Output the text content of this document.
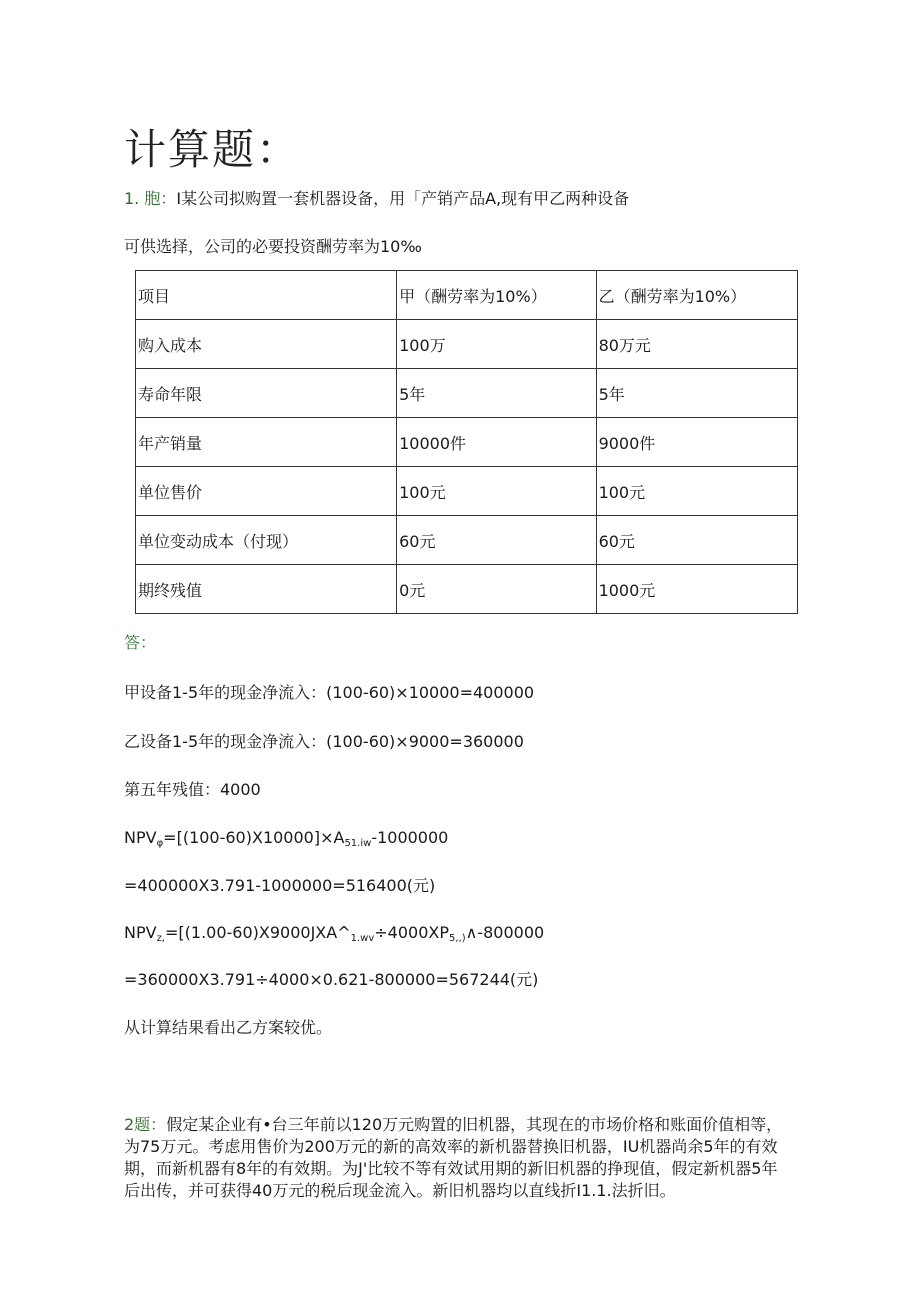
计算题：
1. 胞：I某公司拟购置一套机器设备，用「产销产品A,现有甲乙两种设备
可供选择，公司的必要投资酬劳率为10‰
项目	甲（酬劳率为10%）	乙（酬劳率为10%）
购入成本	100万	80万元
寿命年限	5年	5年
年产销量	10000件	9000件
单位售价	100元	100元
单位变动成本（付现）	60元	60元
期终残值	0元	1000元
答：
甲设备1-5年的现金净流入：(100-60)×10000=400000
乙设备1-5年的现金净流入：(100-60)×9000=360000
第五年残值：4000
$NPV_\varphi=[(100-60)X10000]\times A_{51.iw}-1000000$
=400000X3.791-1000000=516400(元)
$NPV_{z,}=[(1.00-60)X9000JXA\^{}_{1.wv}\div 4000XP_{5,,)}\wedge-800000$
=360000X3.791÷4000×0.621-800000=567244(元)
从计算结果看出乙方案较优。
2题：假定某企业有•台三年前以120万元购置的旧机器，其现在的市场价格和账面价值相等，为75万元。考虑用售价为200万元的新的高效率的新机器替换旧机器，IU机器尚余5年的有效期，而新机器有8年的有效期。为J'比较不等有效试用期的新旧机器的挣现值，假定新机器5年后出传，并可获得40万元的税后现金流入。新旧机器均以直线折I1.1.法折旧。
